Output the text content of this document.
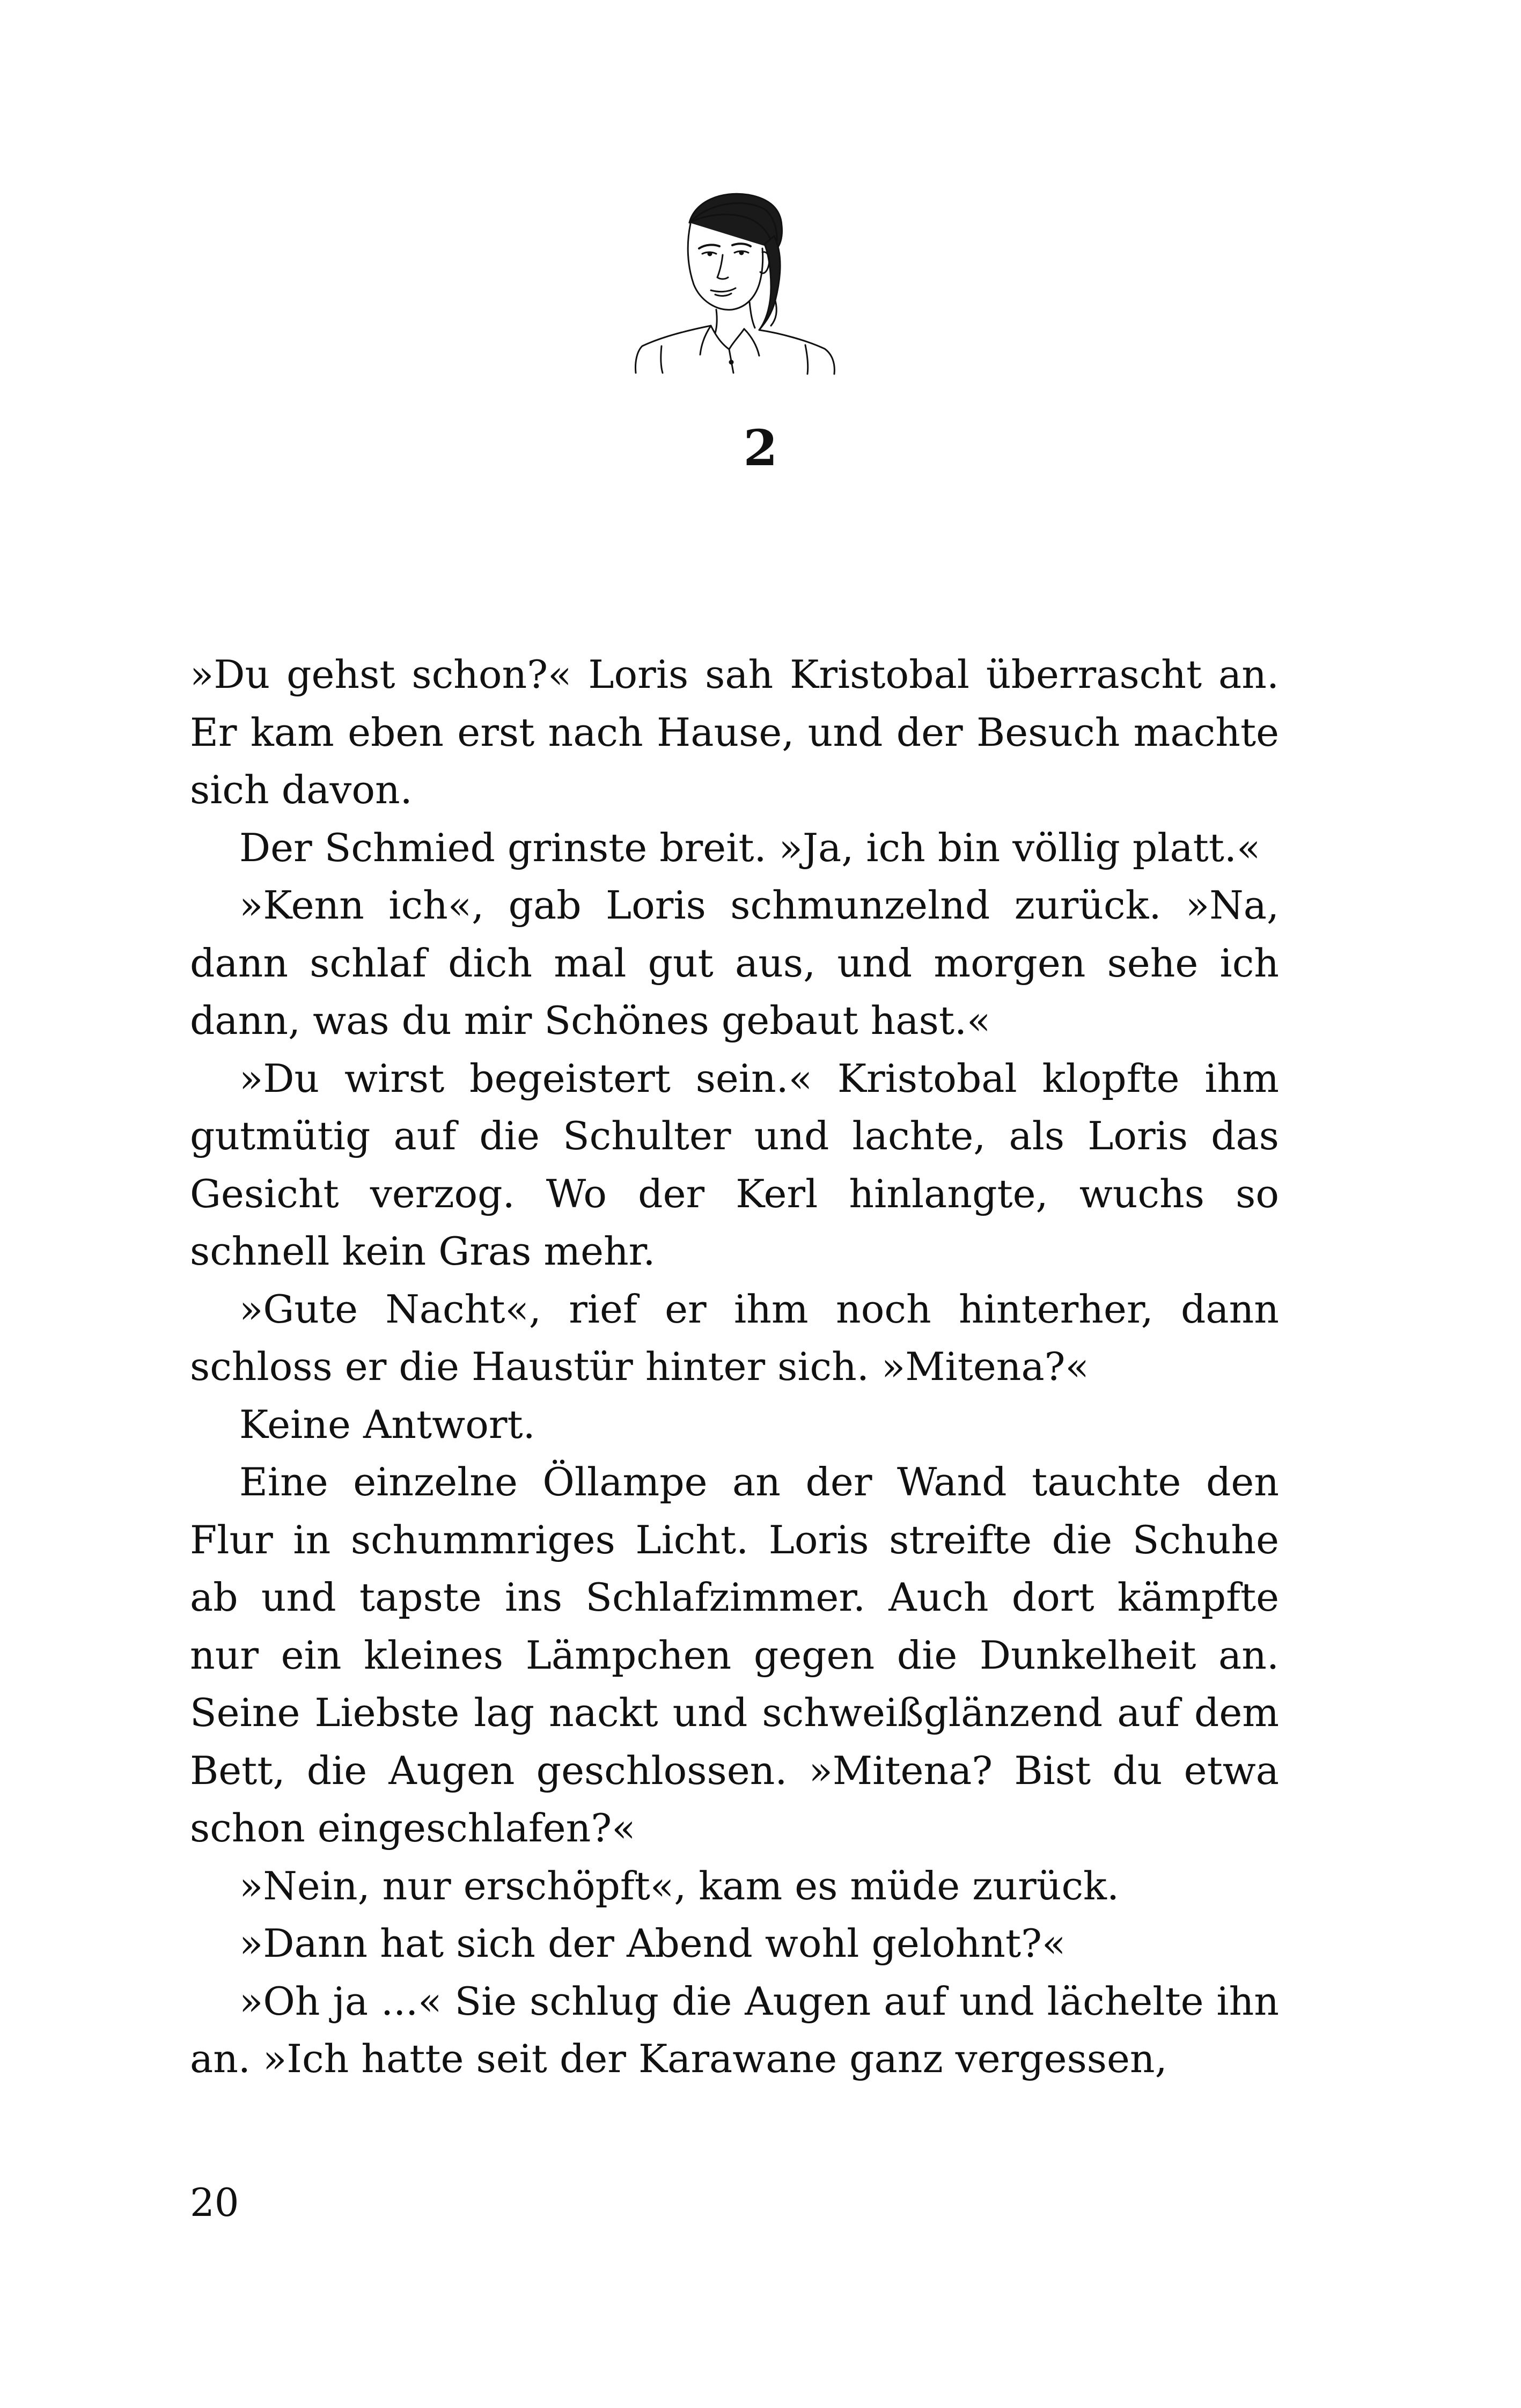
2

»Du gehst schon?« Loris sah Kristobal überrascht an. Er kam eben erst nach Hause, und der Besuch machte sich davon.

Der Schmied grinste breit. »Ja, ich bin völlig platt.«

»Kenn ich«, gab Loris schmunzelnd zurück. »Na, dann schlaf dich mal gut aus, und morgen sehe ich dann, was du mir Schönes gebaut hast.«

»Du wirst begeistert sein.« Kristobal klopfte ihm gutmütig auf die Schulter und lachte, als Loris das Gesicht verzog. Wo der Kerl hinlangte, wuchs so schnell kein Gras mehr.

»Gute Nacht«, rief er ihm noch hinterher, dann schloss er die Haustür hinter sich. »Mitena?«

Keine Antwort.

Eine einzelne Öllampe an der Wand tauchte den Flur in schummriges Licht. Loris streifte die Schuhe ab und tapste ins Schlafzimmer. Auch dort kämpfte nur ein kleines Lämpchen gegen die Dunkelheit an. Seine Liebste lag nackt und schweißglänzend auf dem Bett, die Augen geschlossen. »Mitena? Bist du etwa schon eingeschlafen?«

»Nein, nur erschöpft«, kam es müde zurück.

»Dann hat sich der Abend wohl gelohnt?«

»Oh ja ...« Sie schlug die Augen auf und lächelte ihn an. »Ich hatte seit der Karawane ganz vergessen,

20
